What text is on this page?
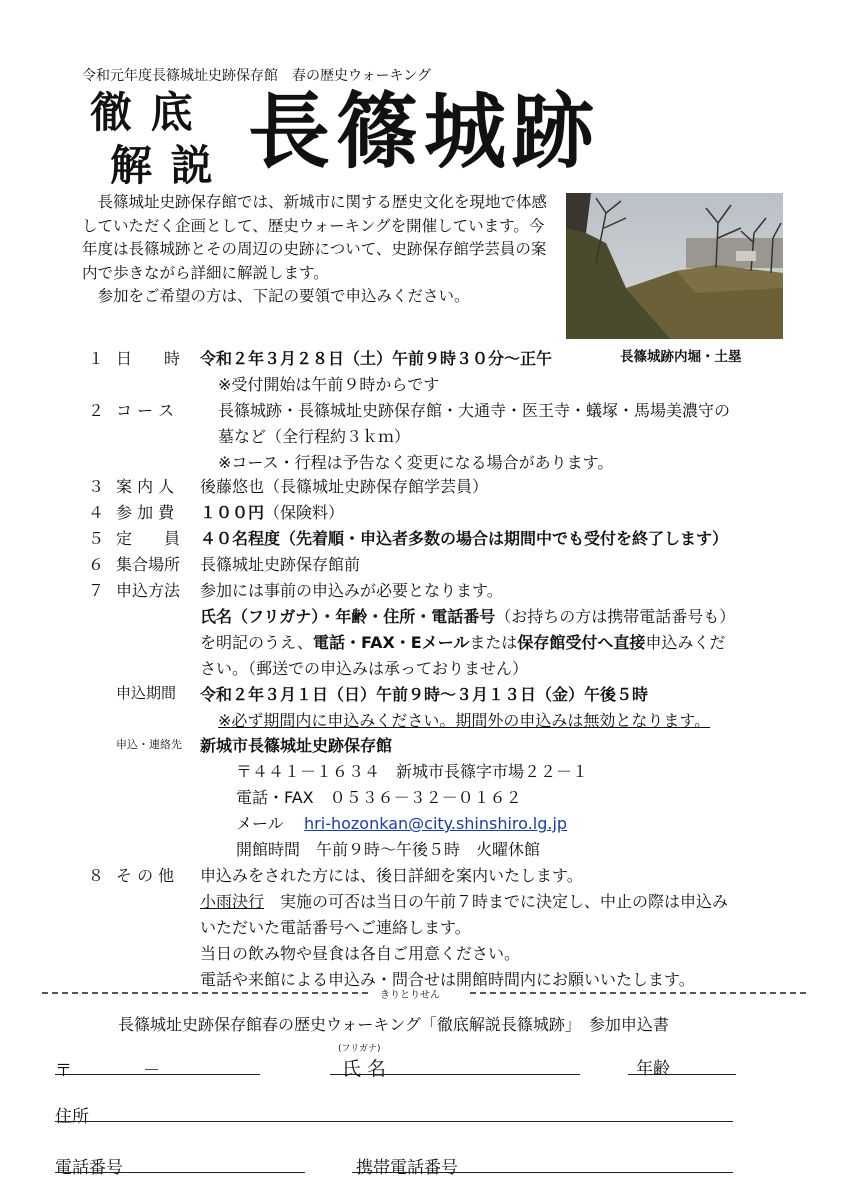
令和元年度長篠城址史跡保存館　春の歴史ウォーキング
徹 底
解 説 長篠城跡

長篠城址史跡保存館では、新城市に関する歴史文化を現地で体感していただく企画として、歴史ウォーキングを開催しています。今年度は長篠城跡とその周辺の史跡について、史跡保存館学芸員の案内で歩きながら詳細に解説します。

参加をご希望の方は、下記の要領で申込みください。

長篠城跡内堀・土塁
１ 日　　時 令和２年３月２８日（土）午前９時３０分～正午
※受付開始は午前９時からです
２ コ ー ス	長篠城跡・長篠城址史跡保存館・大通寺・医王寺・蟻塚・馬場美濃守の
墓など（全行程約３ｋｍ）
※コース・行程は予告なく変更になる場合があります。
３ 案 内 人 後藤悠也（長篠城址史跡保存館学芸員）
４ 参 加 費 １００円（保険料）
５ 定　　員 ４０名程度（先着順・申込者多数の場合は期間中でも受付を終了します）
６ 集合場所 長篠城址史跡保存館前
７ 申込方法 参加には事前の申込みが必要となります。
氏名（フリガナ）・年齢・住所・電話番号（お持ちの方は携帯電話番号も）
を明記のうえ、電話・FAX・Eメールまたは保存館受付へ直接申込みくだ
さい。（郵送での申込みは承っておりません）
申込期間 令和２年３月１日（日）午前９時～３月１３日（金）午後５時
※必ず期間内に申込みください。期間外の申込みは無効となります。
申込・連絡先 新城市長篠城址史跡保存館
〒４４１－１６３４　新城市長篠字市場２２－１
電話・FAX　０５３６－３２－０１６２
メール hri-hozonkan@city.shinshiro.lg.jp
開館時間　午前９時～午後５時　火曜休館
８ そ の 他 申込みをされた方には、後日詳細を案内いたします。
小雨決行　実施の可否は当日の午前７時までに決定し、中止の際は申込み
いただいた電話番号へご連絡します。
当日の飲み物や昼食は各自ご用意ください。
電話や来館による申込み・問合せは開館時間内にお願いいたします。
きりとりせん
長篠城址史跡保存館春の歴史ウォーキング「徹底解説長篠城跡」　参加申込書
〒	－
(フリガナ)
氏 名	年齢
住所
電話番号	携帯電話番号
